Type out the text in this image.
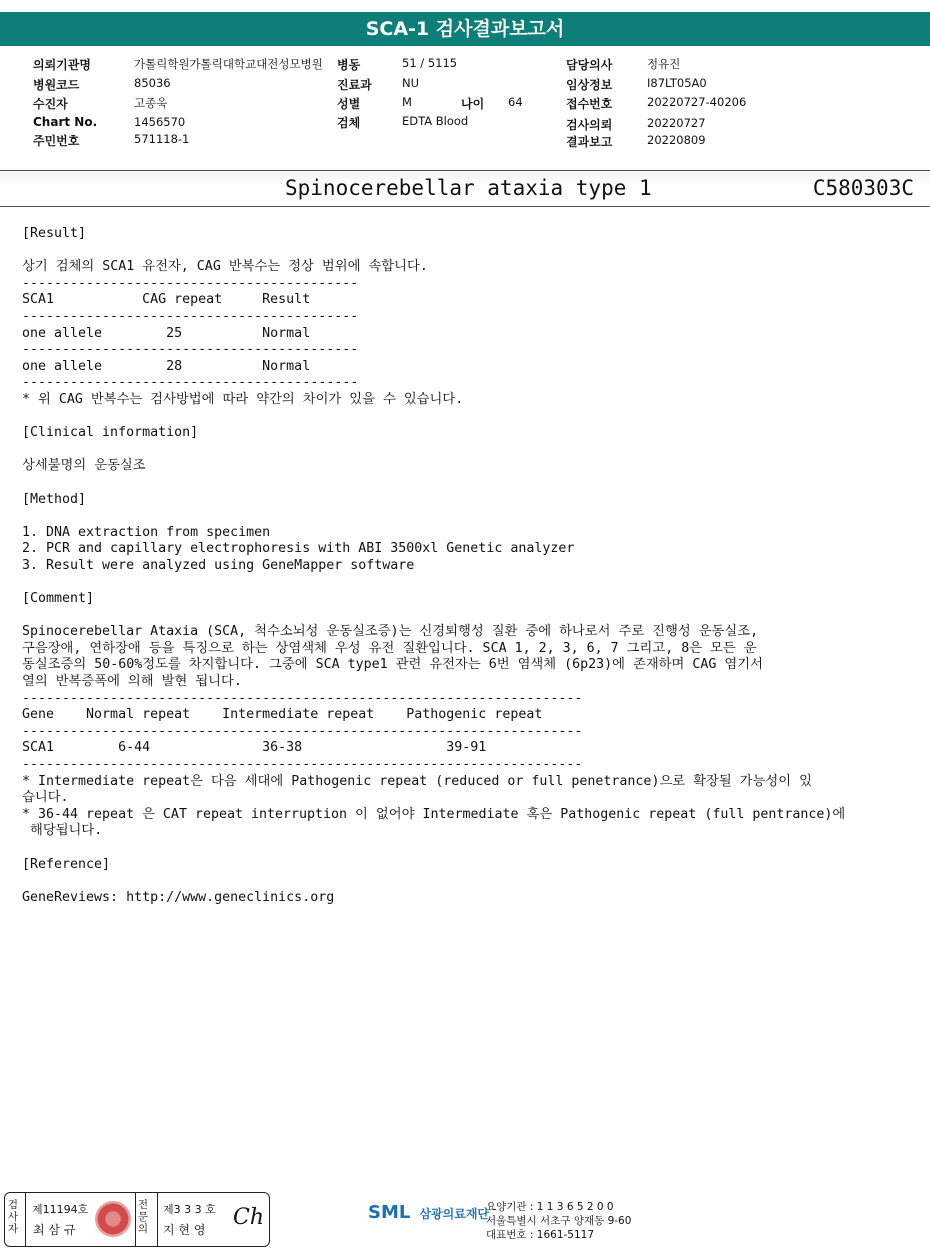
SCA-1 검사결과보고서
의뢰기관명	가톨릭학원가톨릭대학교대전성모병원
병원코드	85036
수진자	고종욱
Chart No.	1456570
주민번호	571118-1
병동	51 / 5115
진료과	NU
성별	M	나이 64
검체	EDTA Blood
담당의사	정유진
임상정보	I87LT05A0
접수번호	20220727-40206
검사의뢰	20220727
결과보고	20220809
Spinocerebellar ataxia type 1	C580303C
[Result]
상기 검체의 SCA1 유전자, CAG 반복수는 정상 범위에 속합니다.
------------------------------------------
SCA1           CAG repeat     Result
------------------------------------------
one allele        25          Normal
------------------------------------------
one allele        28          Normal
------------------------------------------
* 위 CAG 반복수는 검사방법에 따라 약간의 차이가 있을 수 있습니다.
[Clinical information]
상세불명의 운동실조
[Method]
1. DNA extraction from specimen
2. PCR and capillary electrophoresis with ABI 3500xl Genetic analyzer
3. Result were analyzed using GeneMapper software
[Comment]
Spinocerebellar Ataxia (SCA, 척수소뇌성 운동실조증)는 신경퇴행성 질환 중에 하나로서 주로 진행성 운동실조,
구음장애, 연하장애 등을 특징으로 하는 상염색체 우성 유전 질환입니다. SCA 1, 2, 3, 6, 7 그리고, 8은 모든 운
동실조증의 50-60%정도를 차지합니다. 그중에 SCA type1 관련 유전자는 6번 염색체 (6p23)에 존재하며 CAG 염기서
열의 반복증폭에 의해 발현 됩니다.
----------------------------------------------------------------------
Gene    Normal repeat    Intermediate repeat    Pathogenic repeat
----------------------------------------------------------------------
SCA1        6-44              36-38                  39-91
----------------------------------------------------------------------
* Intermediate repeat은 다음 세대에 Pathogenic repeat (reduced or full penetrance)으로 확장될 가능성이 있
습니다.
* 36-44 repeat 은 CAT repeat interruption 이 없어야 Intermediate 혹은 Pathogenic repeat (full pentrance)에
해당됩니다.
[Reference]
GeneReviews: http://www.geneclinics.org
검
사
자
제11194호
최 삼 규
전
문
의
제3 3 3 호
지 현 영 Ch	SML 삼광의료재단
요양기관 : 1 1 3 6 5 2 0 0
서울특별시 서초구 양재동 9-60
대표번호 : 1661-5117
